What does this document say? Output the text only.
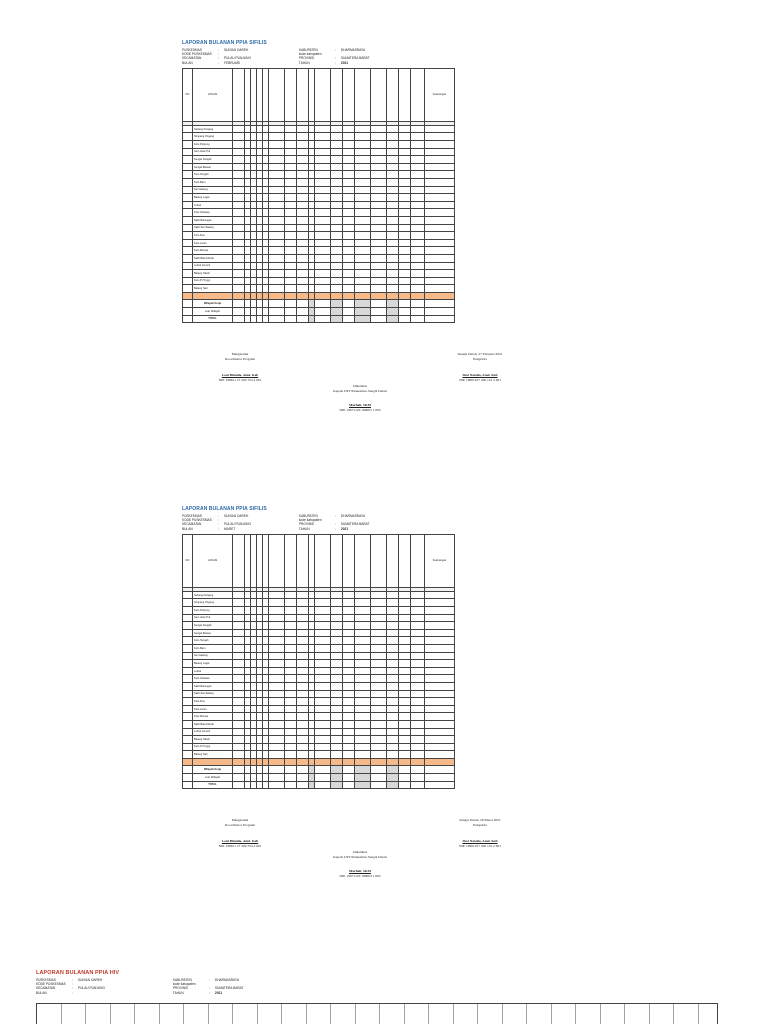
LAPORAN BULANAN PPIA SIFILIS
PUSKESMAS	: SUNGAI DAREH
KODE PUSKESMAS :
KECAMATAN	: PULAU PUNJUNG
BULAN	: FEBRUARI
KABUPATEN	: DHARMASRAYA
kode kabupaten
PROVINSI	: SUMATERA BARAT
TAHUN	: 2021
NO	LOKASI																		Keterangan

	Sebang Panjang																		
	Simpang Pogang																		
	Koto Pulpung																		
	Sei Lubuk Puf																		
	Sungai Sangkir																		
	Sungai Batuan																		
	Koto Tangah																		
	Koto Baru																		
	Sei Gadang																		
	Batang Lagai																		
	Lubuk																		
	Koto Sebatas																		
	Sakit Barangan																		
	Sakit Sembalang																		
	Koto Duo																		
	Koto Lamo																		
	Koto Merapi																		
	Sakit Batu Merah																		
	Lubuk Cemeh																		
	Batang Tabeh																		
	Koto Pt Tinggi																		
	Batang Sati																		

	Wilayah Kerja																		
	Luar Wilayah																		
	TOTAL																		
Mengetahui
Koordinator Program
Loni Bimalia, Amd. Keb
NIP. 198611 27 200 704 2 001
Sungai Dareh, 27 Februari 2021
Pengelola
Desi Natalia, Amd. Keb
NIP. 19901227 200 101 2 001
Diketahui
Kepala UPT Puskesmas Sungai Dareh
Marhali, SKM
NIP. 19671120 199003 1 003
LAPORAN BULANAN PPIA SIFILIS
PUSKESMAS	: SUNGAI DAREH
KODE PUSKESMAS :
KECAMATAN	: PULAU PUNJUNG
BULAN	: MARET
KABUPATEN	: DHARMASRAYA
kode kabupaten
PROVINSI	: SUMATERA BARAT
TAHUN	: 2021
NO	LOKASI																		Keterangan

	Sebang Panjang																		
	Simpang Pogang																		
	Koto Pulpung																		
	Sei Lubuk Puf																		
	Sungai Sangkir																		
	Sungai Batuan																		
	Koto Tangah																		
	Koto Baru																		
	Sei Gadang																		
	Batang Lagai																		
	Lubuk																		
	Koto Sebatas																		
	Sakit Barangan																		
	Sakit Sembalang																		
	Koto Duo																		
	Koto Lamo																		
	Koto Merapi																		
	Sakit Batu Merah																		
	Lubuk Cemeh																		
	Batang Tabeh																		
	Koto Pt Tinggi																		
	Batang Sati																		

	Wilayah Kerja																		
	Luar Wilayah																		
	TOTAL																		
Mengetahui
Koordinator Program
Loni Bimalia, Amd. Keb
NIP. 198611 27 200 704 2 001
Sungai Dareh, 29 Maret 2021
Pengelola
Desi Natalia, Amd. Keb
NIP. 19901227 200 101 2 001
Diketahui
Kepala UPT Puskesmas Sungai Dareh
Marhali, SKM
NIP. 19671120 199003 1 003
LAPORAN BULANAN PPIA HIV
PUSKESMAS	: SUNGAI DAREH
KODE PUSKESMAS :
KECAMATAN	: PULAU PUNJUNG
BULAN	:
KABUPATEN	: DHARMASRAYA
kode kabupaten
PROVINSI	: SUMATERA BARAT
TAHUN	: 2021
